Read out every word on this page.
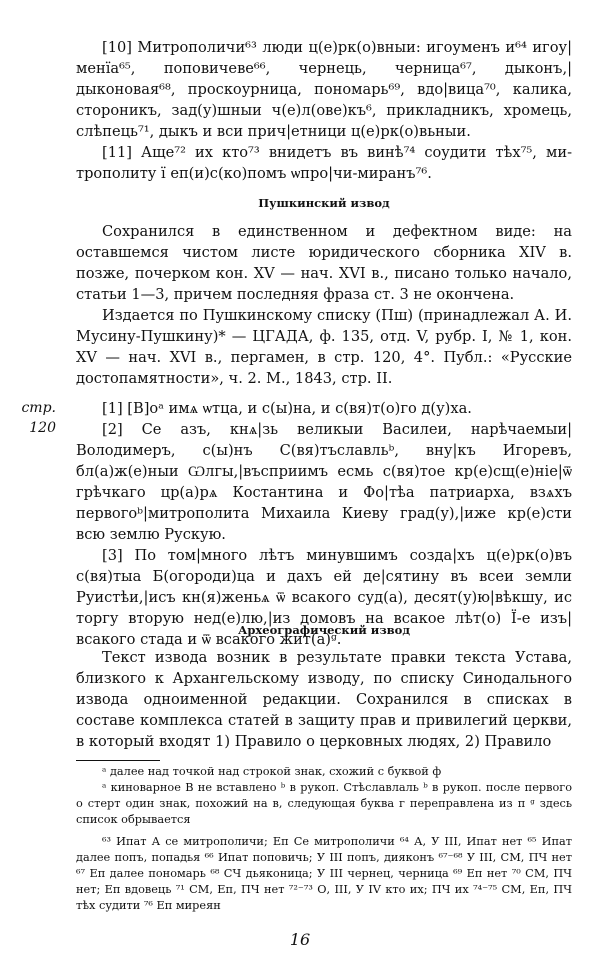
[10] Митрополичи⁶³ люди ц(е)рк(о)вныи: игоуменъ и⁶⁴ игоу|менїа⁶⁵, поповичеве⁶⁶, чернець, черница⁶⁷, дыконъ,|дыконовая⁶⁸, проскоурница, пономарь⁶⁹, вдо|вица⁷⁰, калика, стороникъ, зад(у)шныи ч(е)л(ове)къ⁶, прикладникъ, хромець, слѣпець⁷¹, дыкъ и вси прич|етници ц(е)рк(о)вьныи.

[11] Аще⁷² их кто⁷³ внидетъ въ винѣ⁷⁴ соудити тѣх⁷⁵, митрополиту ї еп(и)с(ко)помъ ѡпро|чи-миранъ⁷⁶.

Пушкинский извод

Сохранился в единственном и дефектном виде: на оставшемся чистом листе юридического сборника XIV в. позже, почерком кон. XV — нач. XVI в., писано только начало, статьи 1—3, причем последняя фраза ст. 3 не окончена.

Издается по Пушкинскому списку (Пш) (принадлежал А. И. Мусину-Пушкину)* — ЦГАДА, ф. 135, отд. V, рубр. I, № 1, кон. XV — нач. XVI в., пергамен, в стр. 120, 4°. Публ.: «Русские достопамятности», ч. 2. М., 1843, стр. II.

стр. 120

[1] [В]оᵃ имѧ ѡтца, и с(ы)на, и с(вя)т(о)го д(у)ха.

[2] Се азъ, кнѧ|зь великыи Василеи, нарѣчаемыи|Володимеръ, с(ы)нъ С(вя)тъславльᵇ, вну|къ Игоревъ, бл(а)ж(е)ныи Ѡлгы,|въсприимъ есмь с(вя)тое кр(е)сщ(е)ніе|ѿ грѣчкаго цр(а)рѧ Костантина и Фо|тѣа патриарха, взѧхъ первогоᵇ|митрополита Михаила Киеву град(у),|иже кр(е)сти всю землю Рускую.

[3] По том|много лѣтъ минувшимъ созда|хъ ц(е)рк(о)въ с(вя)тыа Б(огороди)ца и дахъ ей де|сятину въ всеи земли Руистѣи,|исъ кн(я)женьѧ ѿ всакого суд(а), десят(у)ю|вѣкшу, ис торгу вторую нед(е)лю,|из домовъ на всакое лѣт(о) Ї-е изъ|всакого стада и ѿ всакого жит(а)ᵍ.

Археографический извод

Текст извода возник в результате правки текста Устава, близкого к Архангельскому изводу, по списку Синодального извода одноименной редакции. Сохранился в списках в составе комплекса статей в защиту прав и привилегий церкви, в который входят 1) Правило о церковных людях, 2) Правило

ᵃ далее над точкой над строкой знак, схожий с буквой ф

ᵃ киноварное В не вставлено ᵇ в рукоп. Стѣславлаль ᵇ в рукоп. после первого о стерт один знак, похожий на в, следующая буква г переправлена из п ᵍ здесь список обрывается

⁶³ Ипат А се митрополичи; Еп Се митрополичи ⁶⁴ А, У III, Ипат нет ⁶⁵ Ипат далее попъ, попадья ⁶⁶ Ипат поповичь; У III попъ, дияконъ ⁶⁷⁻⁶⁸ У III, СМ, ПЧ нет ⁶⁷ Еп далее пономарь ⁶⁸ СЧ дьяконица; У III чернец, черница ⁶⁹ Еп нет ⁷⁰ СМ, ПЧ нет; Еп вдовець ⁷¹ СМ, Еп, ПЧ нет ⁷²⁻⁷³ О, III, У IV кто их; ПЧ их ⁷⁴⁻⁷⁵ СМ, Еп, ПЧ тѣх судити ⁷⁶ Еп миреян

16
